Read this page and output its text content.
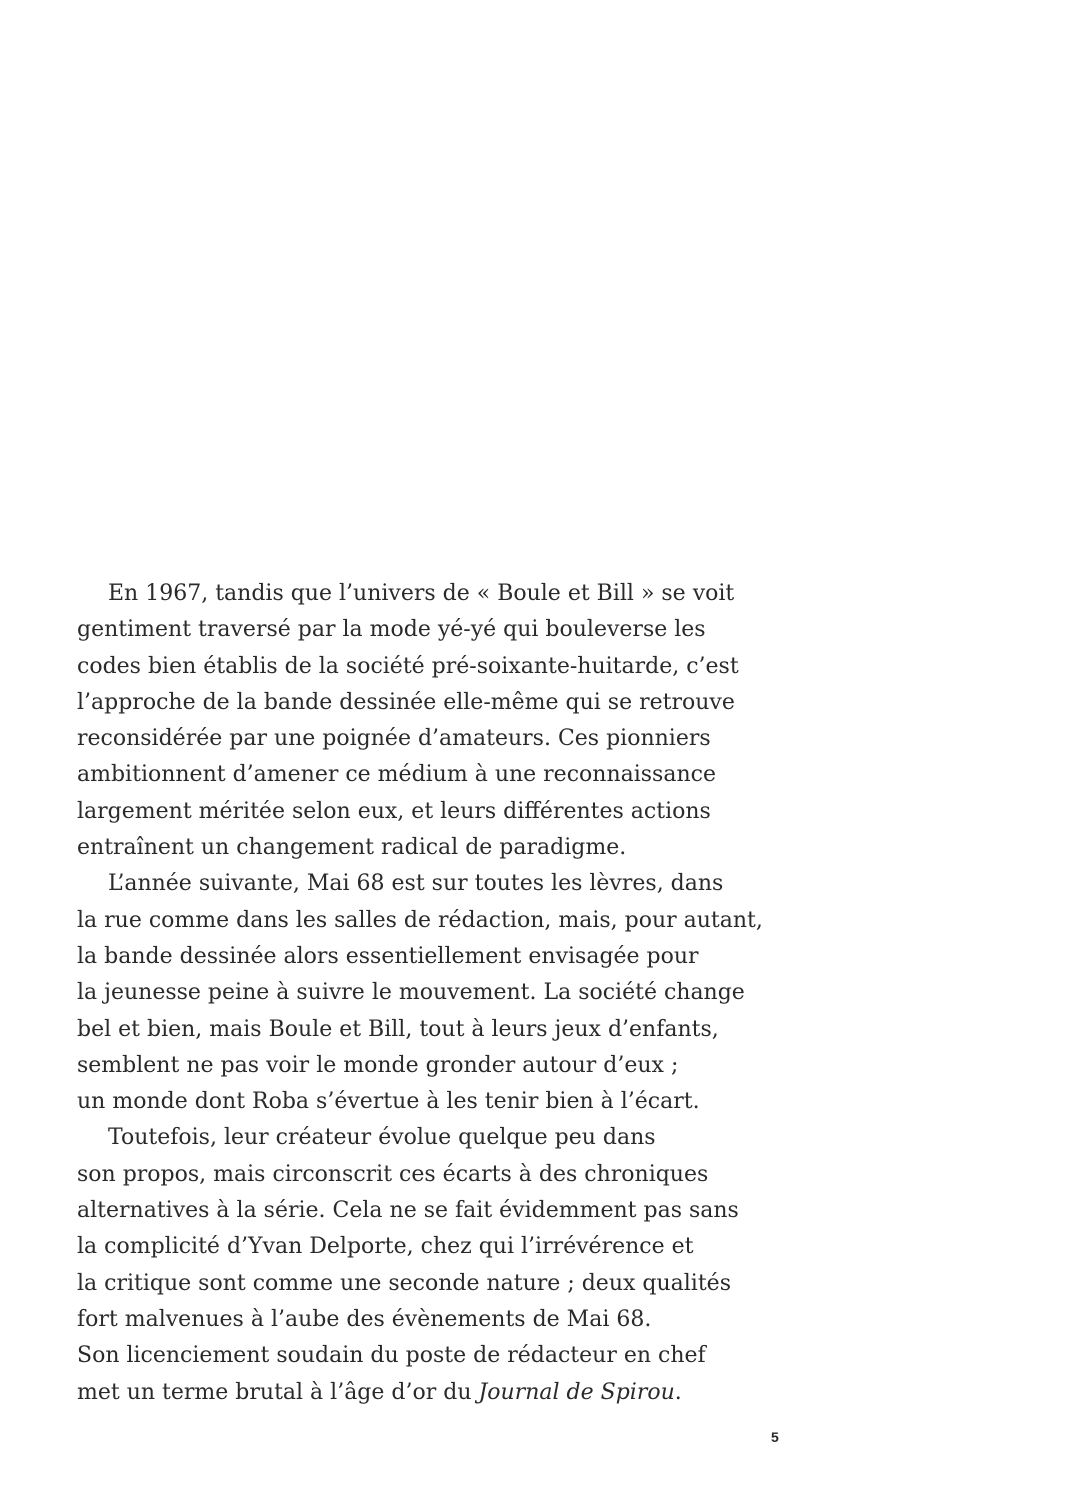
En 1967, tandis que l’univers de « Boule et Bill » se voit
gentiment traversé par la mode yé-yé qui bouleverse les
codes bien établis de la société pré-soixante-huitarde, c’est
l’approche de la bande dessinée elle-même qui se retrouve
reconsidérée par une poignée d’amateurs. Ces pionniers
ambitionnent d’amener ce médium à une reconnaissance
largement méritée selon eux, et leurs différentes actions
entraînent un changement radical de paradigme.
L’année suivante, Mai 68 est sur toutes les lèvres, dans
la rue comme dans les salles de rédaction, mais, pour autant,
la bande dessinée alors essentiellement envisagée pour
la jeunesse peine à suivre le mouvement. La société change
bel et bien, mais Boule et Bill, tout à leurs jeux d’enfants,
semblent ne pas voir le monde gronder autour d’eux ;
un monde dont Roba s’évertue à les tenir bien à l’écart.
Toutefois, leur créateur évolue quelque peu dans
son propos, mais circonscrit ces écarts à des chroniques
alternatives à la série. Cela ne se fait évidemment pas sans
la complicité d’Yvan Delporte, chez qui l’irrévérence et
la critique sont comme une seconde nature ; deux qualités
fort malvenues à l’aube des évènements de Mai 68.
Son licenciement soudain du poste de rédacteur en chef
met un terme brutal à l’âge d’or du Journal de Spirou.
5
